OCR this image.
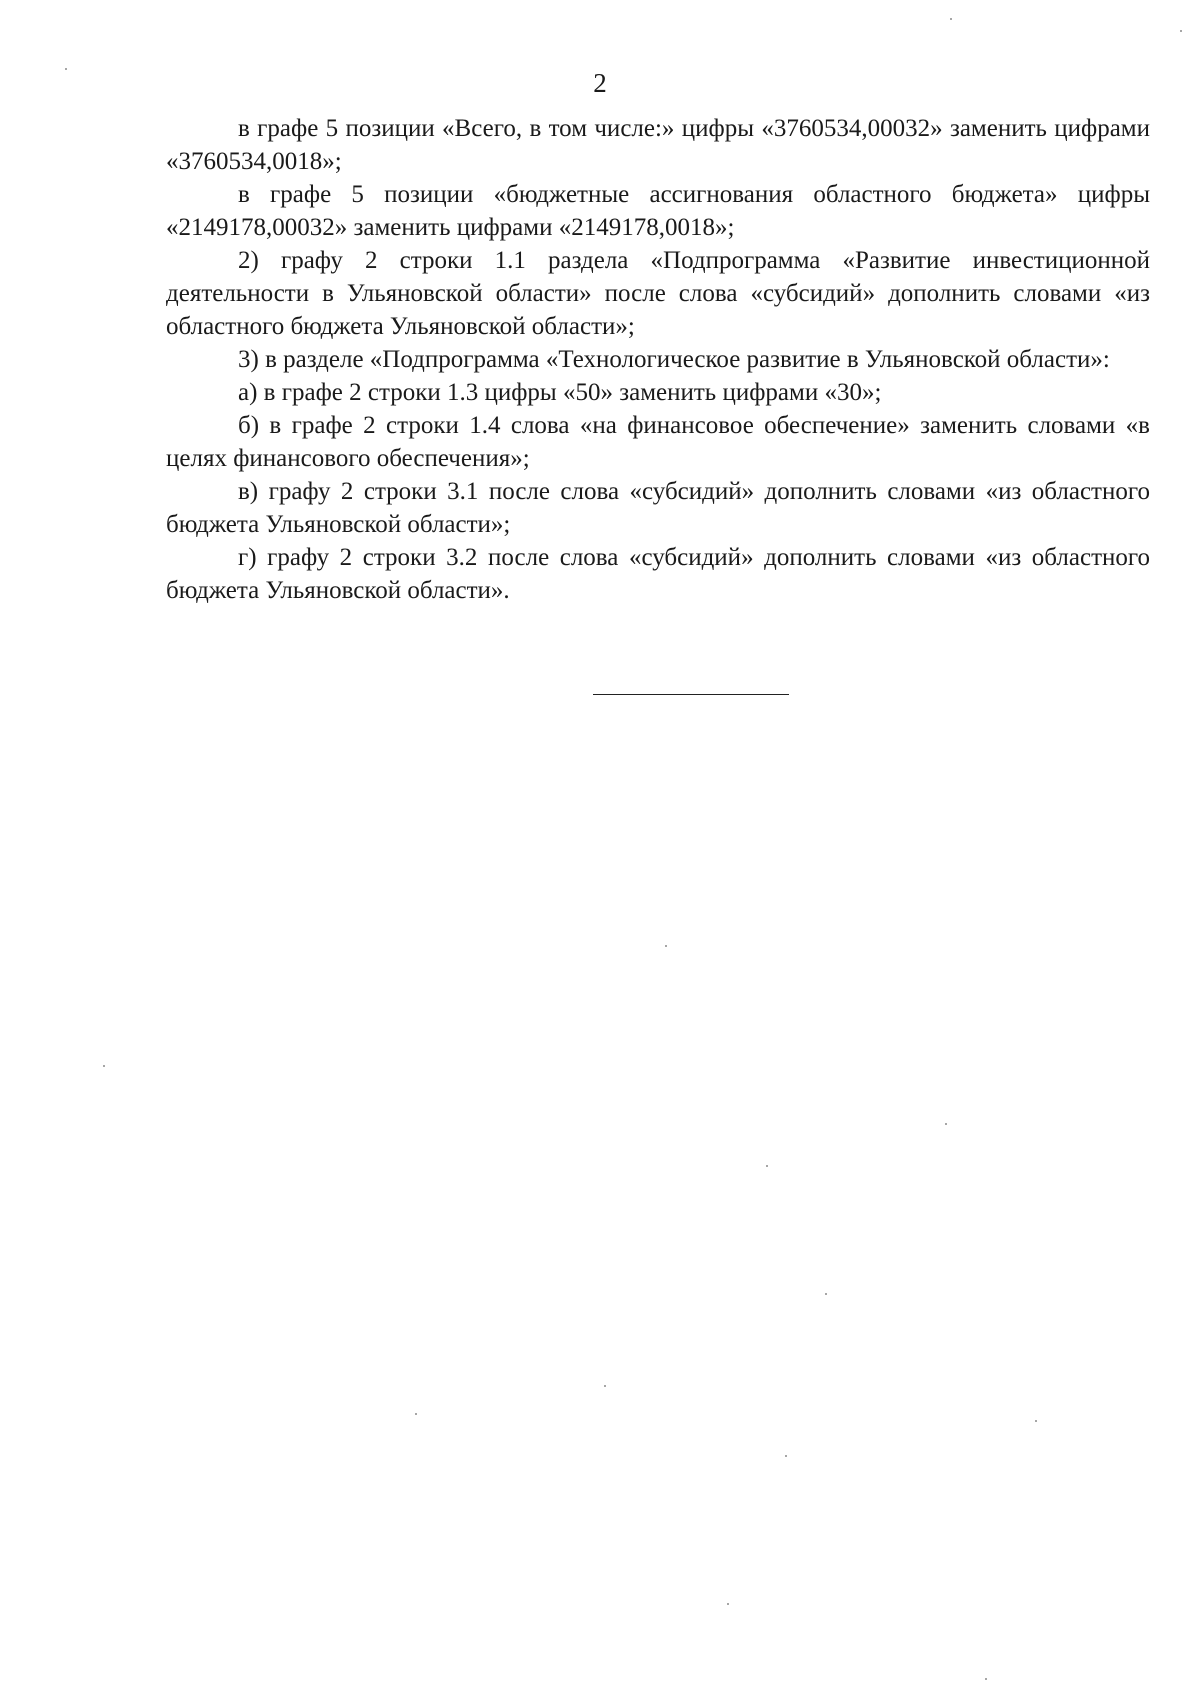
2

в графе 5 позиции «Всего, в том числе:» цифры «3760534,00032» заменить цифрами «3760534,0018»;

в графе 5 позиции «бюджетные ассигнования областного бюджета» цифры «2149178,00032» заменить цифрами «2149178,0018»;

2) графу 2 строки 1.1 раздела «Подпрограмма «Развитие инвестиционной деятельности в Ульяновской области» после слова «субсидий» дополнить словами «из областного бюджета Ульяновской области»;

3) в разделе «Подпрограмма «Технологическое развитие в Ульяновской области»:

а) в графе 2 строки 1.3 цифры «50» заменить цифрами «30»;

б) в графе 2 строки 1.4 слова «на финансовое обеспечение» заменить словами «в целях финансового обеспечения»;

в) графу 2 строки 3.1 после слова «субсидий» дополнить словами «из областного бюджета Ульяновской области»;

г) графу 2 строки 3.2 после слова «субсидий» дополнить словами «из областного бюджета Ульяновской области».
